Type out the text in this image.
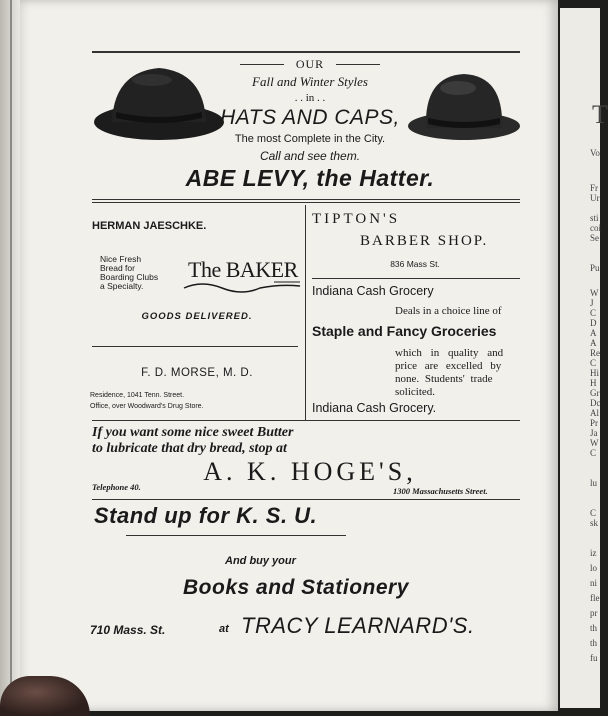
OUR
Fall and Winter Styles
. . in . .
HATS AND CAPS,
The most Complete in the City.
Call and see them.
ABE LEVY, the Hatter.
HERMAN JAESCHKE.
Nice Fresh
Bread for
Boarding Clubs
a Specialty.
The BAKER
GOODS DELIVERED.
F. D. MORSE, M. D.
Residence, 1041 Tenn. Street.
Office, over Woodward's Drug Store.
TIPTON'S
BARBER SHOP.
836 Mass St.
Indiana Cash Grocery
Deals in a choice line of
Staple and Fancy Groceries
which in quality and
price are excelled by
none. Students' trade
solicited.
Indiana Cash Grocery.
If you want some nice sweet Butter
to lubricate that dry bread, stop at
A. K. HOGE'S,
Telephone 40.	1300 Massachusetts Street.
Stand up for K. S. U.
And buy your
Books and Stationery
710 Mass. St.	at TRACY LEARNARD'S.
T
Vo
Fr
Ur
sti
coi
Se
Pu
W
J
C
D
A
A
Re
C
Hi
H
Gr
Dc
Al
Pr
Ja
W
C
lu
C
sk
iz
lo
ni
fle
pr
th
th
fu
